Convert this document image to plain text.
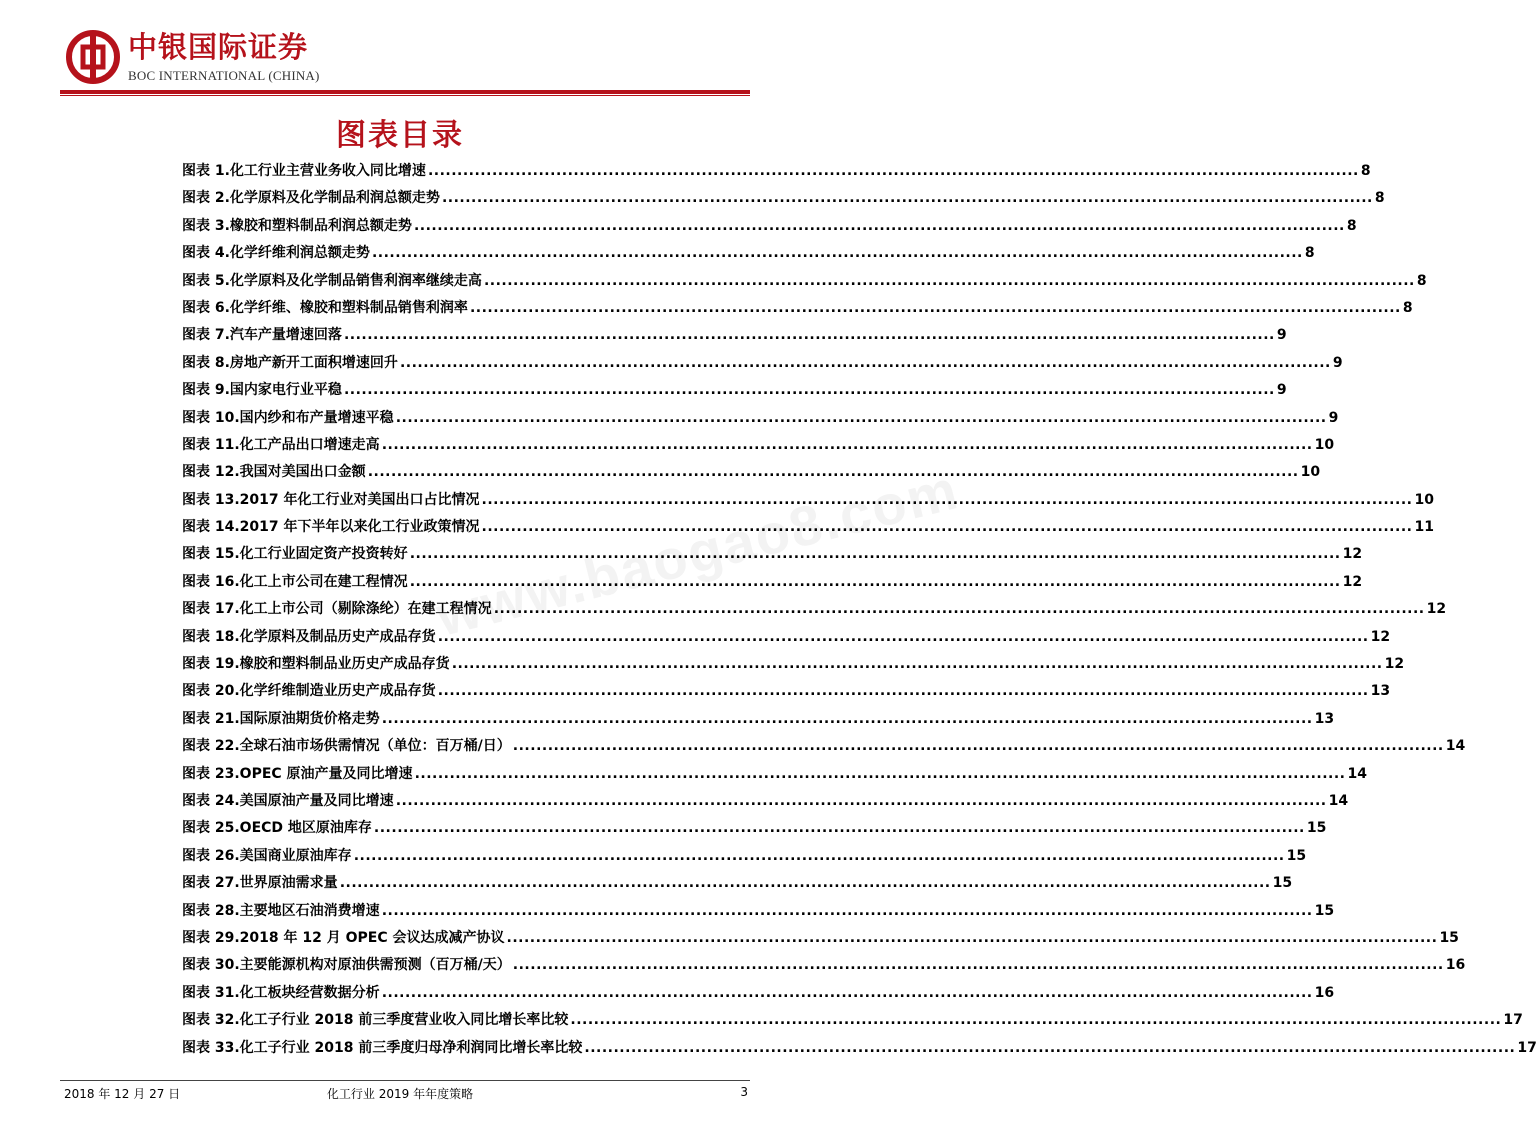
中银国际证券
BOC INTERNATIONAL (CHINA)
图表目录
www.baogao8.com
图表 1.化工行业主营业务收入同比增速 .....	8
图表 2.化学原料及化学制品利润总额走势 .....	8
图表 3.橡胶和塑料制品利润总额走势 .....	8
图表 4.化学纤维利润总额走势 .....	8
图表 5.化学原料及化学制品销售利润率继续走高 .....	8
图表 6.化学纤维、橡胶和塑料制品销售利润率 .....	8
图表 7.汽车产量增速回落 .....	9
图表 8.房地产新开工面积增速回升 .....	9
图表 9.国内家电行业平稳 .....	9
图表 10.国内纱和布产量增速平稳 .....	9
图表 11.化工产品出口增速走高 .....	10
图表 12.我国对美国出口金额 .....	10
图表 13.2017 年化工行业对美国出口占比情况 .....	10
图表 14.2017 年下半年以来化工行业政策情况 .....	11
图表 15.化工行业固定资产投资转好 .....	12
图表 16.化工上市公司在建工程情况 .....	12
图表 17.化工上市公司（剔除涤纶）在建工程情况 .....	12
图表 18.化学原料及制品历史产成品存货 .....	12
图表 19.橡胶和塑料制品业历史产成品存货 .....	12
图表 20.化学纤维制造业历史产成品存货 .....	13
图表 21.国际原油期货价格走势 .....	13
图表 22.全球石油市场供需情况（单位：百万桶/日） .....	14
图表 23.OPEC 原油产量及同比增速 .....	14
图表 24.美国原油产量及同比增速 .....	14
图表 25.OECD 地区原油库存 .....	15
图表 26.美国商业原油库存 .....	15
图表 27.世界原油需求量 .....	15
图表 28.主要地区石油消费增速 .....	15
图表 29.2018 年 12 月 OPEC 会议达成减产协议 .....	15
图表 30.主要能源机构对原油供需预测（百万桶/天） .....	16
图表 31.化工板块经营数据分析 .....	16
图表 32.化工子行业 2018 前三季度营业收入同比增长率比较 .....	17
图表 33.化工子行业 2018 前三季度归母净利润同比增长率比较 .....	17
2018 年 12 月 27 日	化工行业 2019 年年度策略	3
